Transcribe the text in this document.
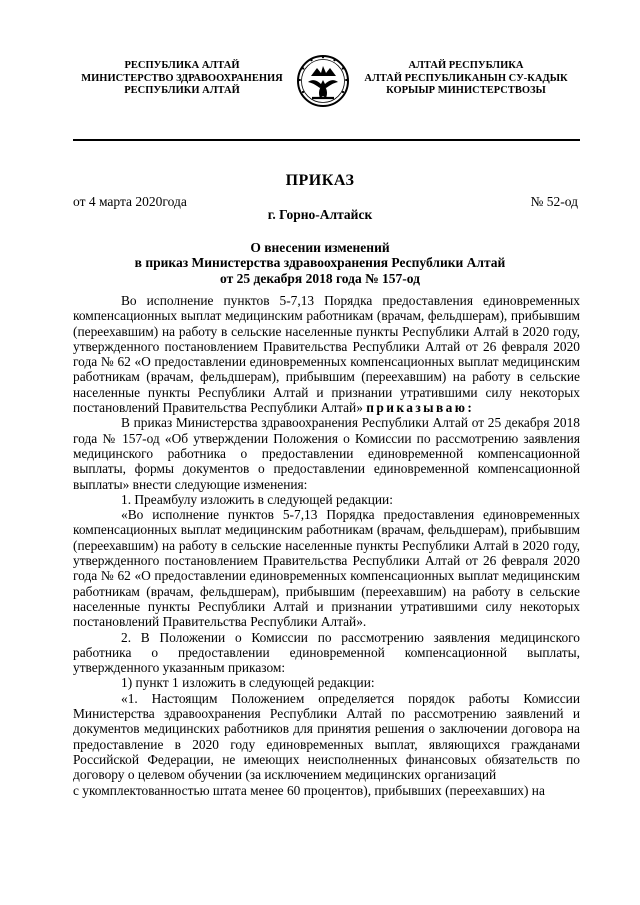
РЕСПУБЛИКА АЛТАЙ
МИНИСТЕРСТВО ЗДРАВООХРАНЕНИЯ
РЕСПУБЛИКИ АЛТАЙ
АЛТАЙ РЕСПУБЛИКА
АЛТАЙ РЕСПУБЛИКАНЫН СУ-КАДЫК
КОРЫЫР МИНИСТЕРСТВОЗЫ
ПРИКАЗ
от 4 марта 2020года	№ 52-од
г. Горно-Алтайск
О внесении изменений
в приказ Министерства здравоохранения Республики Алтай
от 25 декабря 2018 года № 157-од

Во исполнение пунктов 5-7,13 Порядка предоставления единовременных компенсационных выплат медицинским работникам (врачам, фельдшерам), прибывшим (переехавшим) на работу в сельские населенные пункты Республики Алтай в 2020 году, утвержденного постановлением Правительства Республики Алтай от 26 февраля 2020 года № 62 «О предоставлении единовременных компенсационных выплат медицинским работникам (врачам, фельдшерам), прибывшим (переехавшим) на работу в сельские населенные пункты Республики Алтай и признании утратившими силу некоторых постановлений Правительства Республики Алтай» приказываю:

В приказ Министерства здравоохранения Республики Алтай от 25 декабря 2018 года № 157-од «Об утверждении Положения о Комиссии по рассмотрению заявления медицинского работника о предоставлении единовременной компенсационной выплаты, формы документов о предоставлении единовременной компенсационной выплаты» внести следующие изменения:

1. Преамбулу изложить в следующей редакции:

«Во исполнение пунктов 5-7,13 Порядка предоставления единовременных компенсационных выплат медицинским работникам (врачам, фельдшерам), прибывшим (переехавшим) на работу в сельские населенные пункты Республики Алтай в 2020 году, утвержденного постановлением Правительства Республики Алтай от 26 февраля 2020 года № 62 «О предоставлении единовременных компенсационных выплат медицинским работникам (врачам, фельдшерам), прибывшим (переехавшим) на работу в сельские населенные пункты Республики Алтай и признании утратившими силу некоторых постановлений Правительства Республики Алтай».

2. В Положении о Комиссии по рассмотрению заявления медицинского работника о предоставлении единовременной компенсационной выплаты, утвержденного указанным приказом:

1) пункт 1 изложить в следующей редакции:

«1. Настоящим Положением определяется порядок работы Комиссии Министерства здравоохранения Республики Алтай по рассмотрению заявлений и документов медицинских работников для принятия решения о заключении договора на предоставление в 2020 году единовременных выплат, являющихся гражданами Российской Федерации, не имеющих неисполненных финансовых обязательств по договору о целевом обучении (за исключением медицинских организаций

с укомплектованностью штата менее 60 процентов), прибывших (переехавших) на
